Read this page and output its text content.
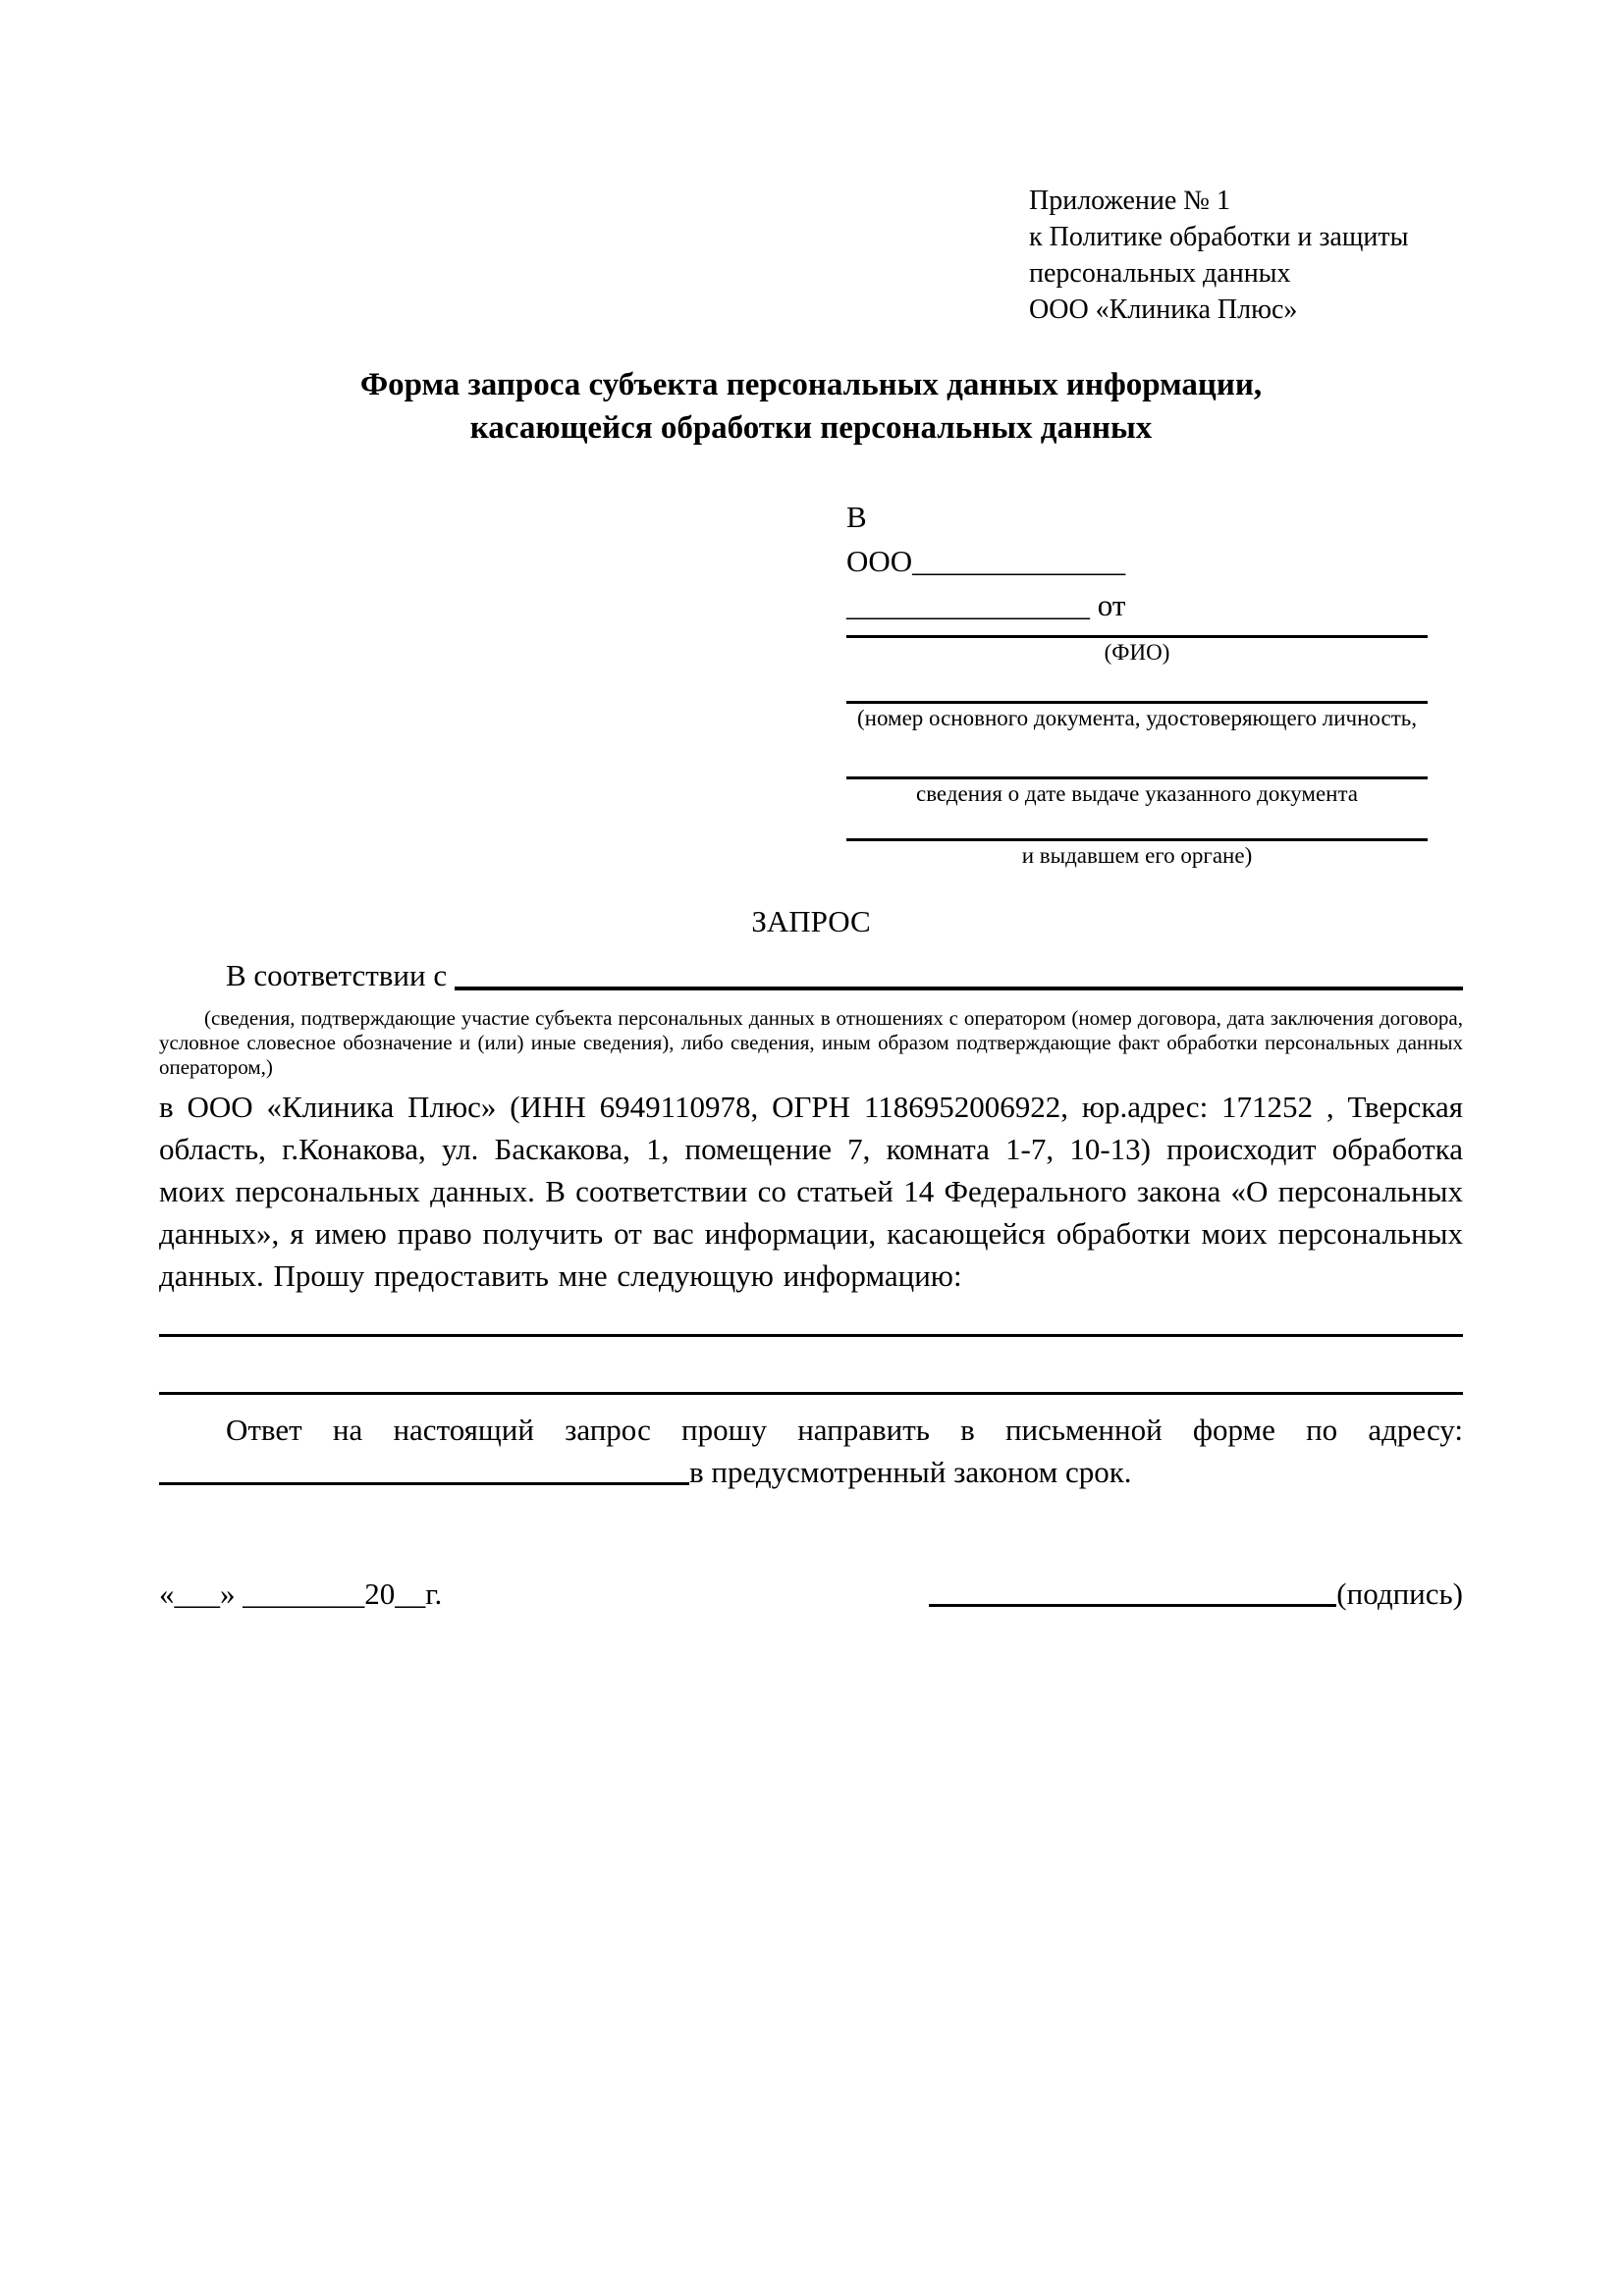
Приложение № 1
к Политике обработки и защиты
персональных данных
ООО «Клиника Плюс»
Форма запроса субъекта персональных данных информации,
касающейся обработки персональных данных
В
ООО______________
________________ от
(ФИО)
(номер основного документа, удостоверяющего личность,
сведения о дате выдаче указанного документа
и выдавшем его органе)
ЗАПРОС
В соответствии с

(сведения, подтверждающие участие субъекта персональных данных в отношениях с оператором (номер договора, дата заключения договора, условное словесное обозначение и (или) иные сведения), либо сведения, иным образом подтверждающие факт обработки персональных данных оператором,)

в ООО «Клиника Плюс» (ИНН 6949110978, ОГРН 1186952006922, юр.адрес: 171252 , Тверская область, г.Конакова, ул. Баскакова, 1, помещение 7, комната 1-7, 10-13) происходит обработка моих персональных данных. В соответствии со статьей 14 Федерального закона «О персональных данных», я имею право получить от вас информации, касающейся обработки моих персональных данных. Прошу предоставить мне следующую информацию:

Ответ на настоящий запрос прошу направить в письменной форме по адресу:

в предусмотренный законом срок.
«___» ________20__г.	(подпись)
